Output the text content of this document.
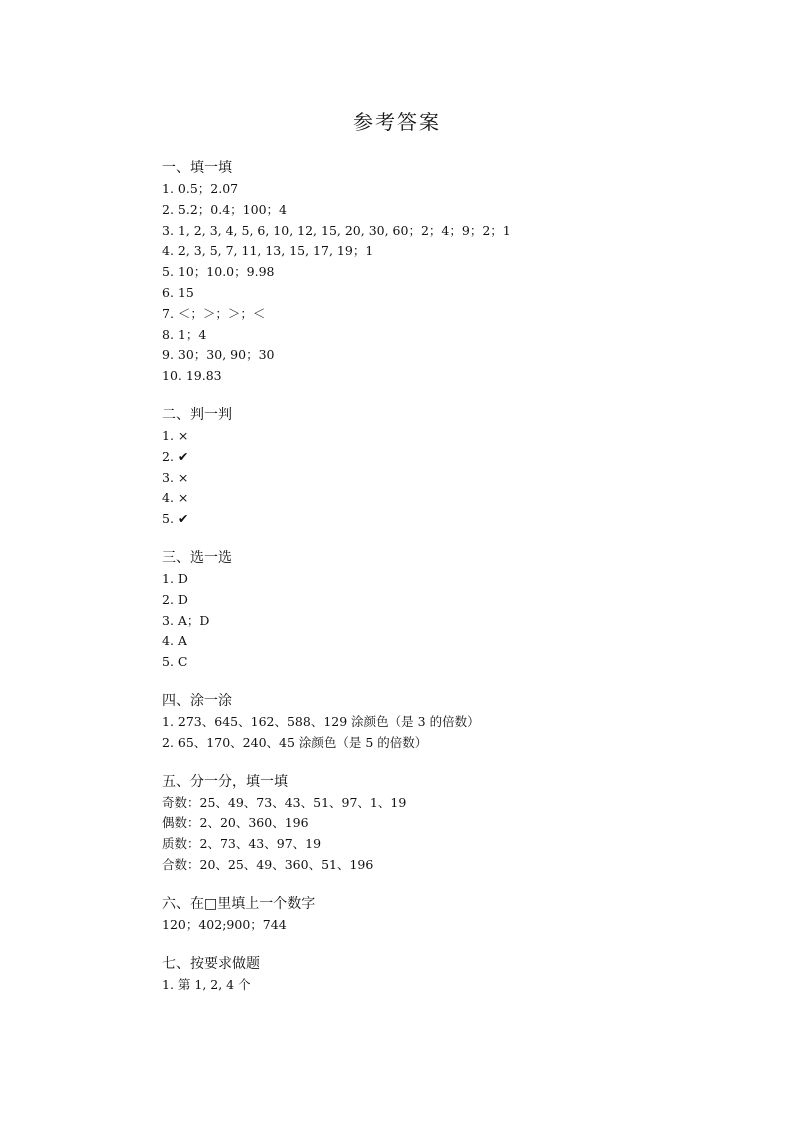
参考答案
一、填一填
1. 0.5；2.07
2. 5.2；0.4；100；4
3. 1, 2, 3, 4, 5, 6, 10, 12, 15, 20, 30, 60；2；4；9；2；1
4. 2, 3, 5, 7, 11, 13, 15, 17, 19；1
5. 10；10.0；9.98
6. 15
7. ＜；＞；＞；＜
8. 1；4
9. 30；30, 90；30
10. 19.83
二、判一判
1. ×
2. ✔
3. ×
4. ×
5. ✔
三、选一选
1. D
2. D
3. A；D
4. A
5. C
四、涂一涂
1. 273、645、162、588、129 涂颜色（是 3 的倍数）
2. 65、170、240、45 涂颜色（是 5 的倍数）
五、分一分，填一填
奇数：25、49、73、43、51、97、1、19
偶数：2、20、360、196
质数：2、73、43、97、19
合数：20、25、49、360、51、196
六、在□里填上一个数字
120；402;900；744
七、按要求做题
1. 第 1, 2, 4 个
